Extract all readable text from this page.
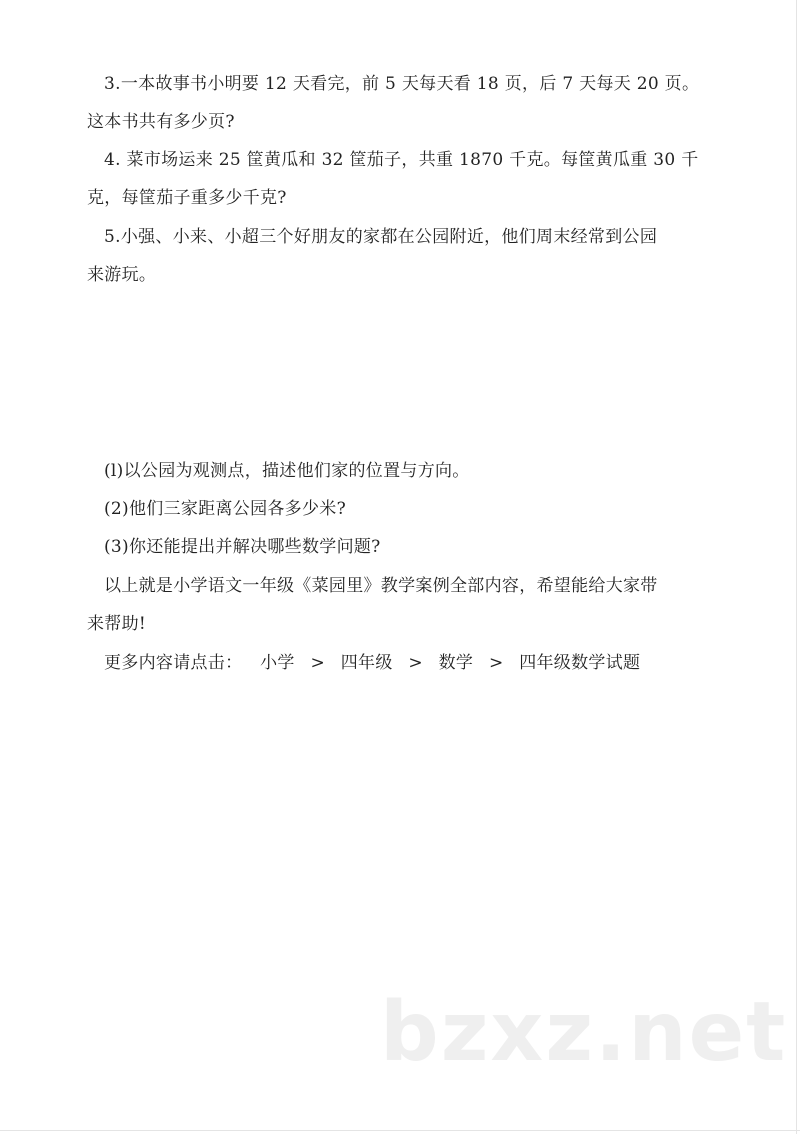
3.一本故事书小明要 12 天看完，前 5 天每天看 18 页，后 7 天每天 20 页。
这本书共有多少页?
4. 菜市场运来 25 筐黄瓜和 32 筐茄子，共重 1870 千克。每筐黄瓜重 30 千
克，每筐茄子重多少千克?
5.小强、小来、小超三个好朋友的家都在公园附近，他们周末经常到公园
来游玩。
(l)以公园为观测点，描述他们家的位置与方向。
(2)他们三家距离公园各多少米?
(3)你还能提出并解决哪些数学问题?
以上就是小学语文一年级《菜园里》教学案例全部内容，希望能给大家带
来帮助!
更多内容请点击： 小学 > 四年级 > 数学 > 四年级数学试题
bzxz.net
